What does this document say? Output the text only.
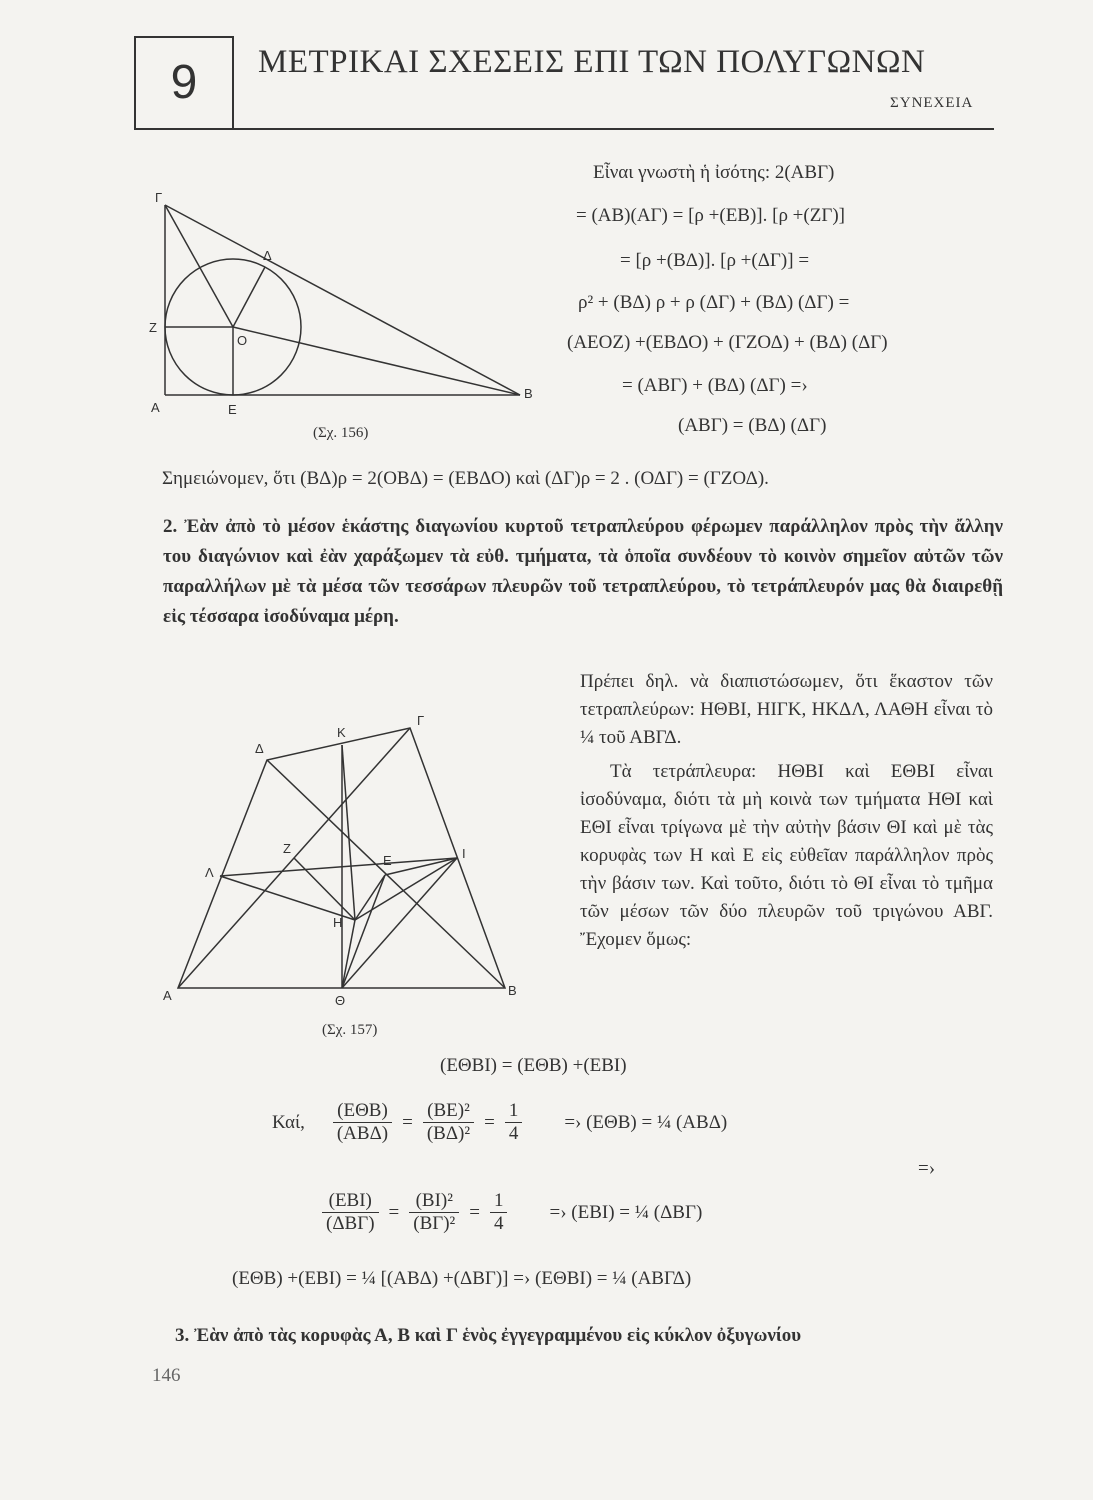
9	ΜΕΤΡΙΚΑΙ ΣΧΕΣΕΙΣ ΕΠΙ ΤΩΝ ΠΟΛΥΓΩΝΩΝ
ΣΥΝΕΧΕΙΑ
Γ
Δ
Ζ
Ο
Α	Ε
Β
(Σχ. 156)
Εἶναι γνωστὴ ἡ ἰσότης: 2(ΑΒΓ)
= (ΑΒ)(ΑΓ) = [ρ +(ΕΒ)]. [ρ +(ΖΓ)]
= [ρ +(ΒΔ)]. [ρ +(ΔΓ)] =
ρ² + (ΒΔ) ρ + ρ (ΔΓ) + (ΒΔ) (ΔΓ) =
(ΑΕΟΖ) +(ΕΒΔΟ) + (ΓΖΟΔ) + (ΒΔ) (ΔΓ)
= (ΑΒΓ) + (ΒΔ) (ΔΓ) =›
(ΑΒΓ) = (ΒΔ) (ΔΓ)
Σημειώνομεν, ὅτι (ΒΔ)ρ = 2(ΟΒΔ) = (ΕΒΔΟ) καὶ (ΔΓ)ρ = 2 . (ΟΔΓ) = (ΓΖΟΔ).
2. Ἐὰν ἀπὸ τὸ μέσον ἑκάστης διαγωνίου κυρτοῦ τετραπλεύρου φέρωμεν παράλληλον πρὸς τὴν ἄλλην του διαγώνιον καὶ ἐὰν χαράξωμεν τὰ εὐθ. τμήματα, τὰ ὁποῖα συνδέουν τὸ κοινὸν σημεῖον αὐτῶν τῶν παραλλήλων μὲ τὰ μέσα τῶν τεσσάρων πλευρῶν τοῦ τετραπλεύρου, τὸ τετράπλευρόν μας θὰ διαιρεθῇ εἰς τέσσαρα ἰσοδύναμα μέρη.
Κ
Γ
Δ
Ζ
Ε	Ι
Λ
Η
Α	Θ
Β
(Σχ. 157)
Πρέπει δηλ. νὰ διαπιστώσωμεν, ὅτι ἕκαστον τῶν τετραπλεύρων: ΗΘΒΙ, ΗΙΓΚ, ΗΚΔΛ, ΛΑΘΗ εἶναι τὸ ¼ τοῦ ΑΒΓΔ.
Τὰ τετράπλευρα: ΗΘΒΙ καὶ ΕΘΒΙ εἶναι ἰσοδύναμα, διότι τὰ μὴ κοινὰ των τμήματα ΗΘΙ καὶ ΕΘΙ εἶναι τρίγωνα μὲ τὴν αὐτὴν βάσιν ΘΙ καὶ μὲ τὰς κορυφὰς των Η καὶ Ε εἰς εὐθεῖαν παράλληλον πρὸς τὴν βάσιν των. Καὶ τοῦτο, διότι τὸ ΘΙ εἶναι τὸ τμῆμα τῶν μέσων τῶν δύο πλευρῶν τοῦ τριγώνου ΑΒΓ. Ἔχομεν ὅμως:
(ΕΘΒΙ) = (ΕΘΒ) +(ΕΒΙ)
Καί, $\frac{\text{(ΕΘΒ)}}{\text{(ΑΒΔ)}} = \frac{\text{(ΒΕ)²}}{\text{(ΒΔ)²}} = \frac{1}{4}$ =› (ΕΘΒ) = ¼ (ΑΒΔ)
=›
$\frac{\text{(ΕΒΙ)}}{\text{(ΔΒΓ)}} = \frac{\text{(ΒΙ)²}}{\text{(ΒΓ)²}} = \frac{1}{4}$ =› (ΕΒΙ) = ¼ (ΔΒΓ)
(ΕΘΒ) +(ΕΒΙ) = ¼ [(ΑΒΔ) +(ΔΒΓ)] =› (ΕΘΒΙ) = ¼ (ΑΒΓΔ)
3. Ἐὰν ἀπὸ τὰς κορυφὰς Α, Β καὶ Γ ἑνὸς ἐγγεγραμμένου εἰς κύκλον ὀξυγωνίου
146
